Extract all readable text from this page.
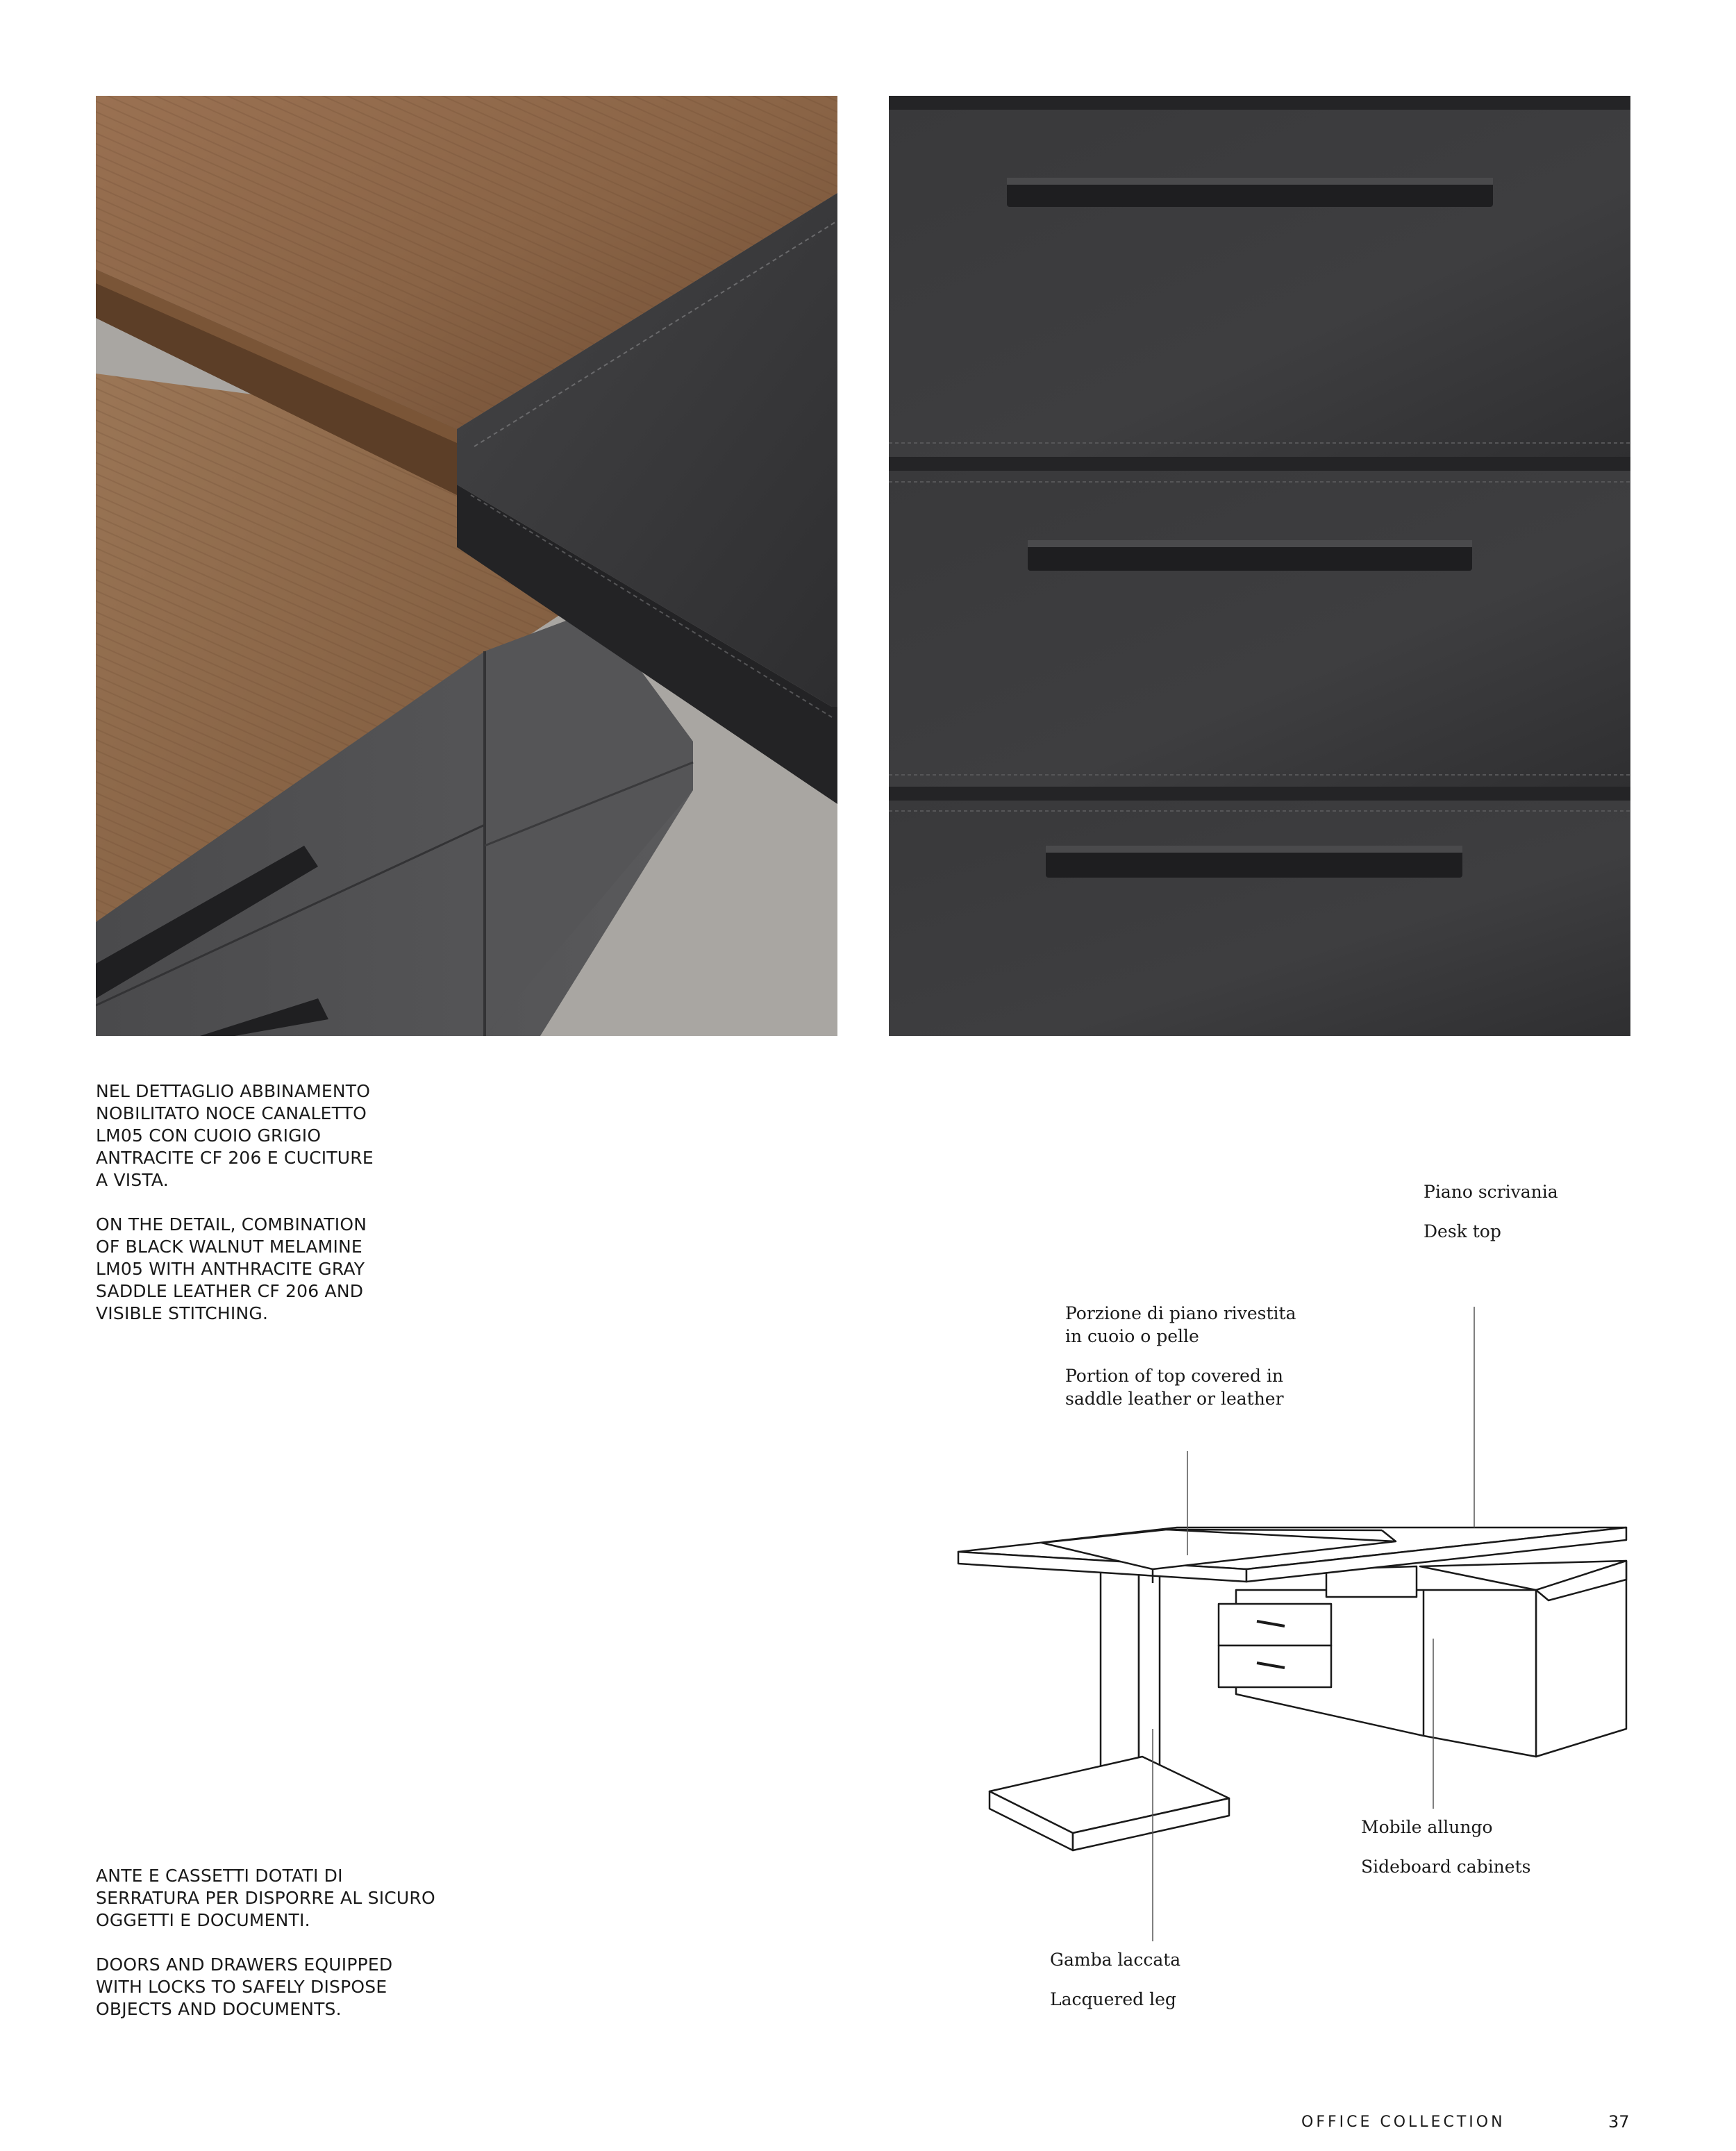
NEL DETTAGLIO ABBINAMENTO

NOBILITATO NOCE CANALETTO

LM05 CON CUOIO GRIGIO

ANTRACITE CF 206 E CUCITURE

A VISTA.

ON THE DETAIL, COMBINATION

OF BLACK WALNUT MELAMINE

LM05 WITH ANTHRACITE GRAY

SADDLE LEATHER CF 206 AND

VISIBLE STITCHING.

ANTE E CASSETTI DOTATI DI

SERRATURA PER DISPORRE AL SICURO

OGGETTI E DOCUMENTI.

DOORS AND DRAWERS EQUIPPED

WITH LOCKS TO SAFELY DISPOSE

OBJECTS AND DOCUMENTS.

Piano scrivania
Desk top
Porzione di piano rivestita
in cuoio o pelle
Portion of top covered in
saddle leather or leather
Mobile allungo
Sideboard cabinets
Gamba laccata
Lacquered leg
OFFICE COLLECTION	37
